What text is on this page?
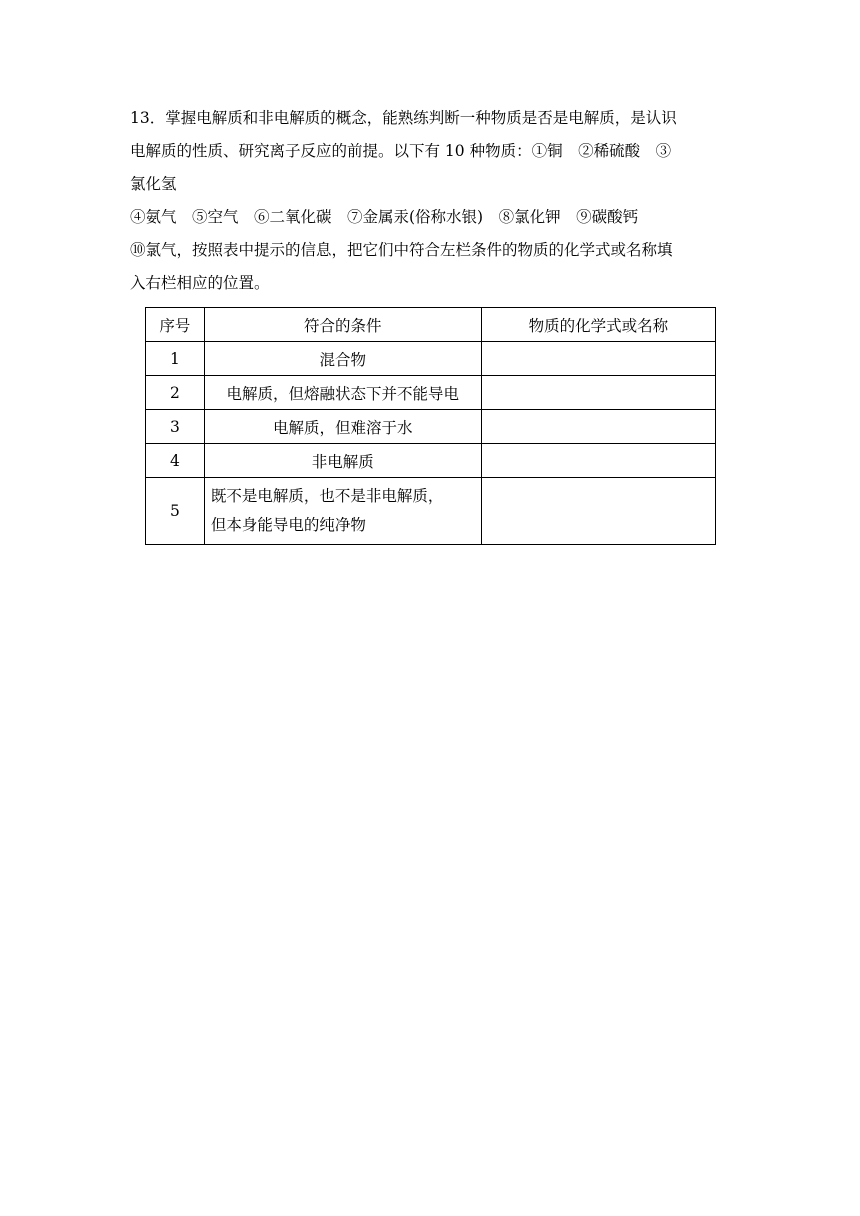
13．掌握电解质和非电解质的概念，能熟练判断一种物质是否是电解质，是认识

电解质的性质、研究离子反应的前提。以下有 10 种物质：①铜　②稀硫酸　③

氯化氢

④氨气　⑤空气　⑥二氧化碳　⑦金属汞(俗称水银)　⑧氯化钾　⑨碳酸钙

⑩氯气，按照表中提示的信息，把它们中符合左栏条件的物质的化学式或名称填

入右栏相应的位置。

序号	符合的条件	物质的化学式或名称
1	混合物	
2	电解质，但熔融状态下并不能导电	
3	电解质，但难溶于水	
4	非电解质	
5	既不是电解质，也不是非电解质，
但本身能导电的纯净物	
